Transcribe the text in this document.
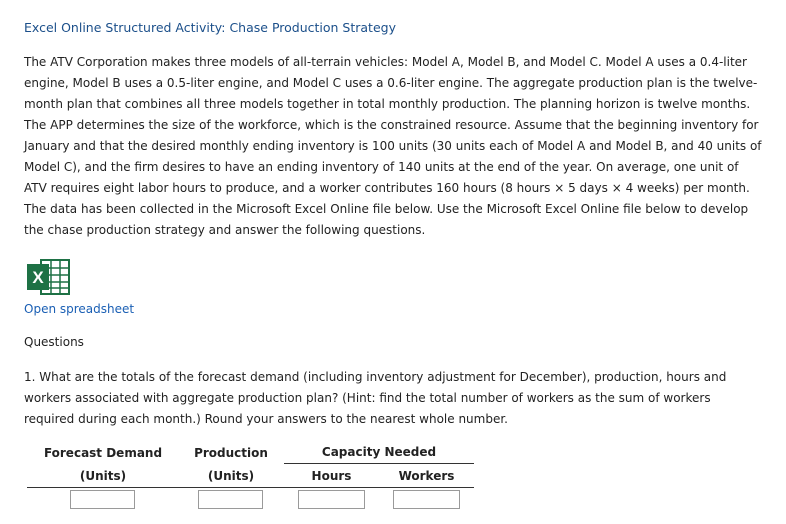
Excel Online Structured Activity: Chase Production Strategy
The ATV Corporation makes three models of all-terrain vehicles: Model A, Model B, and Model C. Model A uses a 0.4-liter engine, Model B uses a 0.5-liter engine, and Model C uses a 0.6-liter engine. The aggregate production plan is the twelve-month plan that combines all three models together in total monthly production. The planning horizon is twelve months. The APP determines the size of the workforce, which is the constrained resource. Assume that the beginning inventory for January and that the desired monthly ending inventory is 100 units (30 units each of Model A and Model B, and 40 units of Model C), and the firm desires to have an ending inventory of 140 units at the end of the year. On average, one unit of ATV requires eight labor hours to produce, and a worker contributes 160 hours (8 hours × 5 days × 4 weeks) per month. The data has been collected in the Microsoft Excel Online file below. Use the Microsoft Excel Online file below to develop the chase production strategy and answer the following questions.
X
Open spreadsheet
Questions
1. What are the totals of the forecast demand (including inventory adjustment for December), production, hours and workers associated with aggregate production plan? (Hint: find the total number of workers as the sum of workers required during each month.) Round your answers to the nearest whole number.
Forecast Demand
(Units)
Production
(Units)
Capacity Needed
Hours	Workers
